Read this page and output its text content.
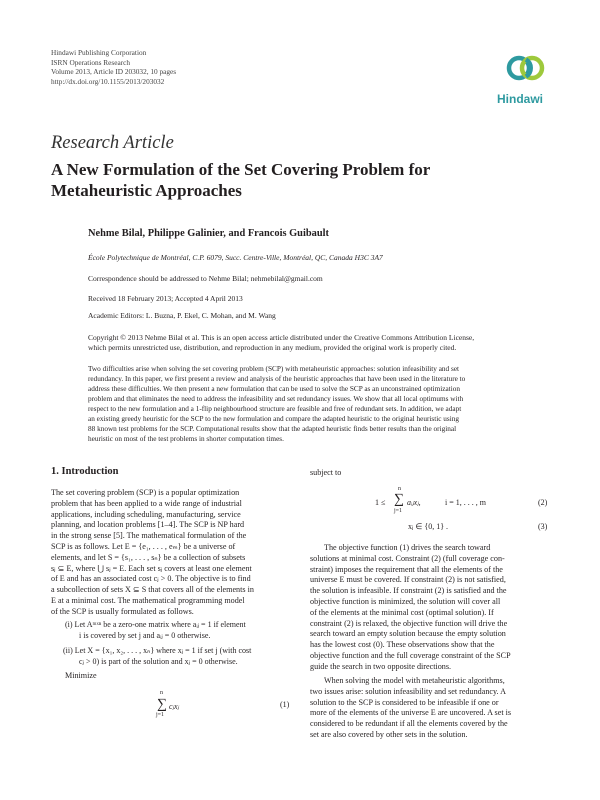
Hindawi Publishing Corporation
ISRN Operations Research
Volume 2013, Article ID 203032, 10 pages
http://dx.doi.org/10.1155/2013/203032
Hindawi
Research Article
A New Formulation of the Set Covering Problem for
Metaheuristic Approaches
Nehme Bilal, Philippe Galinier, and Francois Guibault
École Polytechnique de Montréal, C.P. 6079, Succ. Centre-Ville, Montréal, QC, Canada H3C 3A7
Correspondence should be addressed to Nehme Bilal; nehmebilal@gmail.com
Received 18 February 2013; Accepted 4 April 2013
Academic Editors: L. Buzna, P. Ekel, C. Mohan, and M. Wang
Copyright © 2013 Nehme Bilal et al. This is an open access article distributed under the Creative Commons Attribution License,
which permits unrestricted use, distribution, and reproduction in any medium, provided the original work is properly cited.
Two difficulties arise when solving the set covering problem (SCP) with metaheuristic approaches: solution infeasibility and set
redundancy. In this paper, we first present a review and analysis of the heuristic approaches that have been used in the literature to
address these difficulties. We then present a new formulation that can be used to solve the SCP as an unconstrained optimization
problem and that eliminates the need to address the infeasibility and set redundancy issues. We show that all local optimums with
respect to the new formulation and a 1-flip neighbourhood structure are feasible and free of redundant sets. In addition, we adapt
an existing greedy heuristic for the SCP to the new formulation and compare the adapted heuristic to the original heuristic using
88 known test problems for the SCP. Computational results show that the adapted heuristic finds better results than the original
heuristic on most of the test problems in shorter computation times.
1. Introduction
The set covering problem (SCP) is a popular optimization
problem that has been applied to a wide range of industrial
applications, including scheduling, manufacturing, service
planning, and location problems [1–4]. The SCP is NP hard
in the strong sense [5]. The mathematical formulation of the
SCP is as follows. Let E = {e₁, . . . , eₘ} be a universe of
elements, and let S = {s₁, . . . , sₙ} be a collection of subsets
sⱼ ⊆ E, where ⋃ sⱼ = E. Each set sⱼ covers at least one element
of E and has an associated cost cⱼ > 0. The objective is to find
a subcollection of sets X ⊆ S that covers all of the elements in
E at a minimal cost. The mathematical programming model
of the SCP is usually formulated as follows.
(i) Let Aᵐˣⁿ be a zero-one matrix where aᵢⱼ = 1 if element
i is covered by set j and aᵢⱼ = 0 otherwise.
(ii) Let X = {x₁, x₂, . . . , xₙ} where xⱼ = 1 if set j (with cost
cⱼ > 0) is part of the solution and xⱼ = 0 otherwise.
Minimize
n
∑ cⱼxⱼ
j=1
(1)
subject to
1 ≤
n
∑ aᵢⱼxⱼ,
j=1
i = 1, . . . , m	(2)
xⱼ ∈ {0, 1} .	(3)
The objective function (1) drives the search toward
solutions at minimal cost. Constraint (2) (full coverage con-
straint) imposes the requirement that all the elements of the
universe E must be covered. If constraint (2) is not satisfied,
the solution is infeasible. If constraint (2) is satisfied and the
objective function is minimized, the solution will cover all
of the elements at the minimal cost (optimal solution). If
constraint (2) is relaxed, the objective function will drive the
search toward an empty solution because the empty solution
has the lowest cost (0). These observations show that the
objective function and the full coverage constraint of the SCP
guide the search in two opposite directions.
When solving the model with metaheuristic algorithms,
two issues arise: solution infeasibility and set redundancy. A
solution to the SCP is considered to be infeasible if one or
more of the elements of the universe E are uncovered. A set is
considered to be redundant if all the elements covered by the
set are also covered by other sets in the solution.
